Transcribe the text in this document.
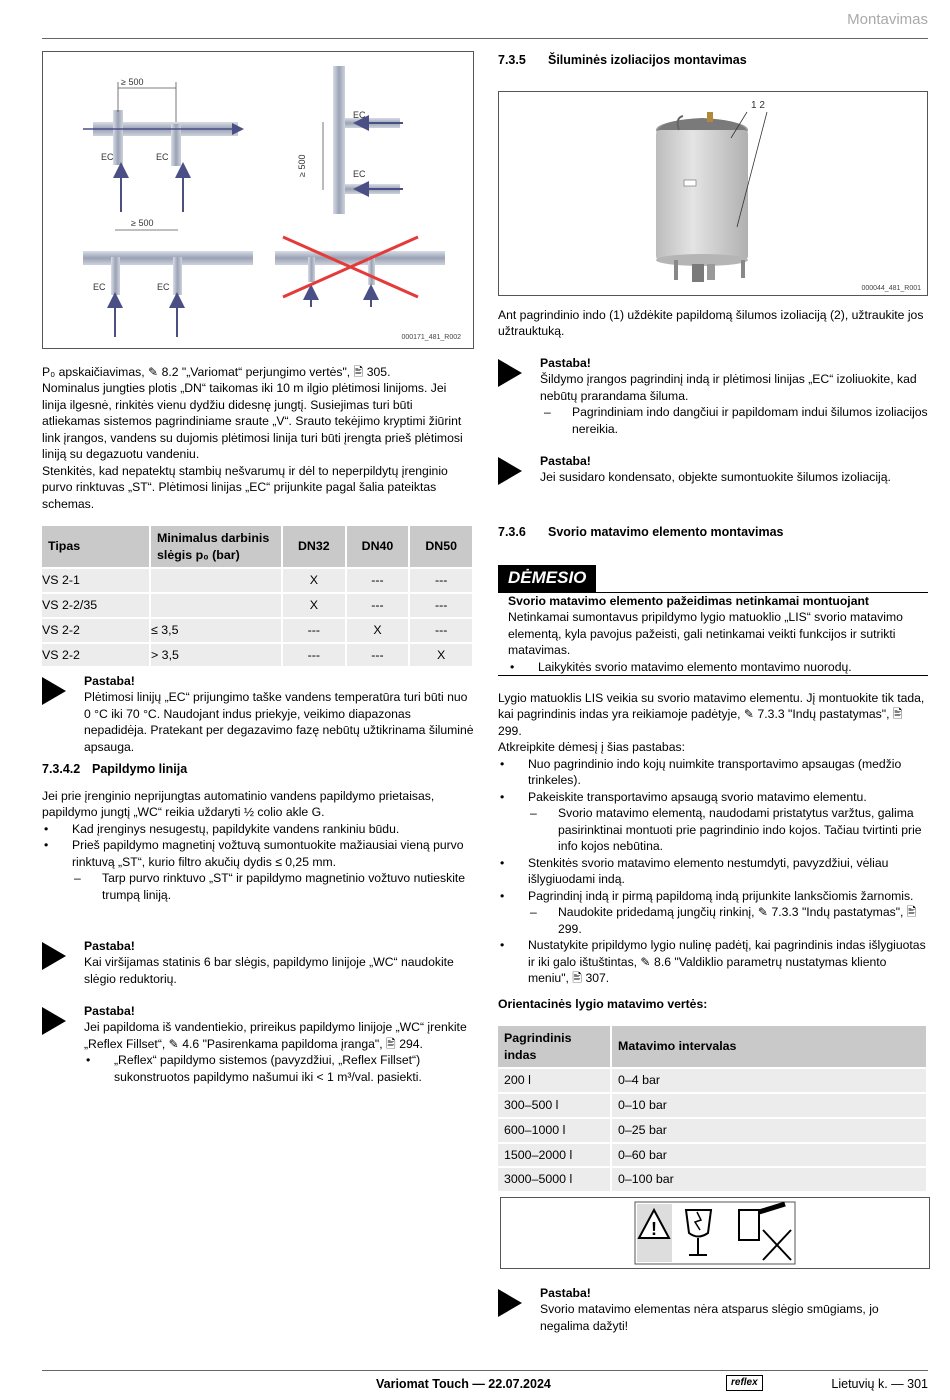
Montavimas
≥ 500
EC	EC	≥ 500
EC
EC
≥ 500
EC	EC
000171_481_R002

P₀ apskaičiavimas, ✎ 8.2 "„Variomat“ perjungimo vertės", 🖹 305.

Nominalus jungties plotis „DN“ taikomas iki 10 m ilgio plėtimosi linijoms. Jei linija ilgesnė, rinkitės vienu dydžiu didesnę jungtį. Susiejimas turi būti atliekamas sistemos pagrindiniame sraute „V“. Srauto tekėjimo kryptimi žiūrint link įrangos, vandens su dujomis plėtimosi linija turi būti įrengta prieš plėtimosi liniją su degazuotu vandeniu.

Stenkitės, kad nepatektų stambių nešvarumų ir dėl to neperpildytų įrenginio purvo rinktuvas „ST“. Plėtimosi linijas „EC“ prijunkite pagal šalia pateiktas schemas.

Tipas	Minimalus darbinis slėgis p₀ (bar)	DN32	DN40	DN50
VS 2-1		X	---	---
VS 2-2/35		X	---	---
VS 2-2	≤ 3,5	---	X	---
VS 2-2	> 3,5	---	---	X
Pastaba!

Plėtimosi linijų „EC“ prijungimo taške vandens temperatūra turi būti nuo 0 °C iki 70 °C. Naudojant indus priekyje, veikimo diapazonas nepadidėja. Pratekant per degazavimo fazę nebūtų užtikrinama šiluminė apsauga.

7.3.4.2 Papildymo linija

Jei prie įrenginio neprijungtas automatinio vandens papildymo prietaisas, papildymo jungtį „WC“ reikia uždaryti ½ colio akle G.

• Kad įrenginys nesugestų, papildykite vandens rankiniu būdu.
• Prieš papildymo magnetinį vožtuvą sumontuokite mažiausiai vieną purvo rinktuvą „ST“, kurio filtro akučių dydis ≤ 0,25 mm.
– Tarp purvo rinktuvo „ST“ ir papildymo magnetinio vožtuvo nutieskite trumpą liniją.
Pastaba!

Kai viršijamas statinis 6 bar slėgis, papildymo linijoje „WC“ naudokite slėgio reduktorių.

Pastaba!

Jei papildoma iš vandentiekio, prireikus papildymo linijoje „WC“ įrenkite „Reflex Fillset“, ✎ 4.6 "Pasirenkama papildoma įranga", 🖹 294.

• „Reflex“ papildymo sistemos (pavyzdžiui, „Reflex Fillset“) sukonstruotos papildymo našumui iki < 1 m³/val. pasiekti.
7.3.5 Šiluminės izoliacijos montavimas
1 2
000044_481_R001

Ant pagrindinio indo (1) uždėkite papildomą šilumos izoliaciją (2), užtraukite jos užtrauktuką.

Pastaba!

Šildymo įrangos pagrindinį indą ir plėtimosi linijas „EC“ izoliuokite, kad nebūtų prarandama šiluma.

– Pagrindiniam indo dangčiui ir papildomam indui šilumos izoliacijos nereikia.
Pastaba!

Jei susidaro kondensato, objekte sumontuokite šilumos izoliaciją.

7.3.6 Svorio matavimo elemento montavimas
DĖMESIO

Svorio matavimo elemento pažeidimas netinkamai montuojant

Netinkamai sumontavus pripildymo lygio matuoklio „LIS“ svorio matavimo elementą, kyla pavojus pažeisti, gali netinkamai veikti funkcijos ir sutrikti matavimas.

• Laikykitės svorio matavimo elemento montavimo nuorodų.

Lygio matuoklis LIS veikia su svorio matavimo elementu. Jį montuokite tik tada, kai pagrindinis indas yra reikiamoje padėtyje, ✎ 7.3.3 "Indų pastatymas", 🖹 299.

Atkreipkite dėmesį į šias pastabas:

• Nuo pagrindinio indo kojų nuimkite transportavimo apsaugas (medžio trinkeles).
• Pakeiskite transportavimo apsaugą svorio matavimo elementu.
– Svorio matavimo elementą, naudodami pristatytus varžtus, galima pasirinktinai montuoti prie pagrindinio indo kojos. Tačiau tvirtinti prie info kojos nebūtina.
• Stenkitės svorio matavimo elemento nestumdyti, pavyzdžiui, vėliau išlygiuodami indą.
• Pagrindinį indą ir pirmą papildomą indą prijunkite lanksčiomis žarnomis.
– Naudokite pridedamą jungčių rinkinį, ✎ 7.3.3 "Indų pastatymas", 🖹 299.
• Nustatykite pripildymo lygio nulinę padėtį, kai pagrindinis indas išlygiuotas ir iki galo ištuštintas, ✎ 8.6 "Valdiklio parametrų nustatymas kliento meniu", 🖹 307.

Orientacinės lygio matavimo vertės:

Pagrindinis indas	Matavimo intervalas
200 l	0–4 bar
300–500 l	0–10 bar
600–1000 l	0–25 bar
1500–2000 l	0–60 bar
3000–5000 l	0–100 bar
!
Pastaba!

Svorio matavimo elementas nėra atsparus slėgio smūgiams, jo negalima dažyti!

Variomat Touch — 22.07.2024	reflex	Lietuvių k. — 301
